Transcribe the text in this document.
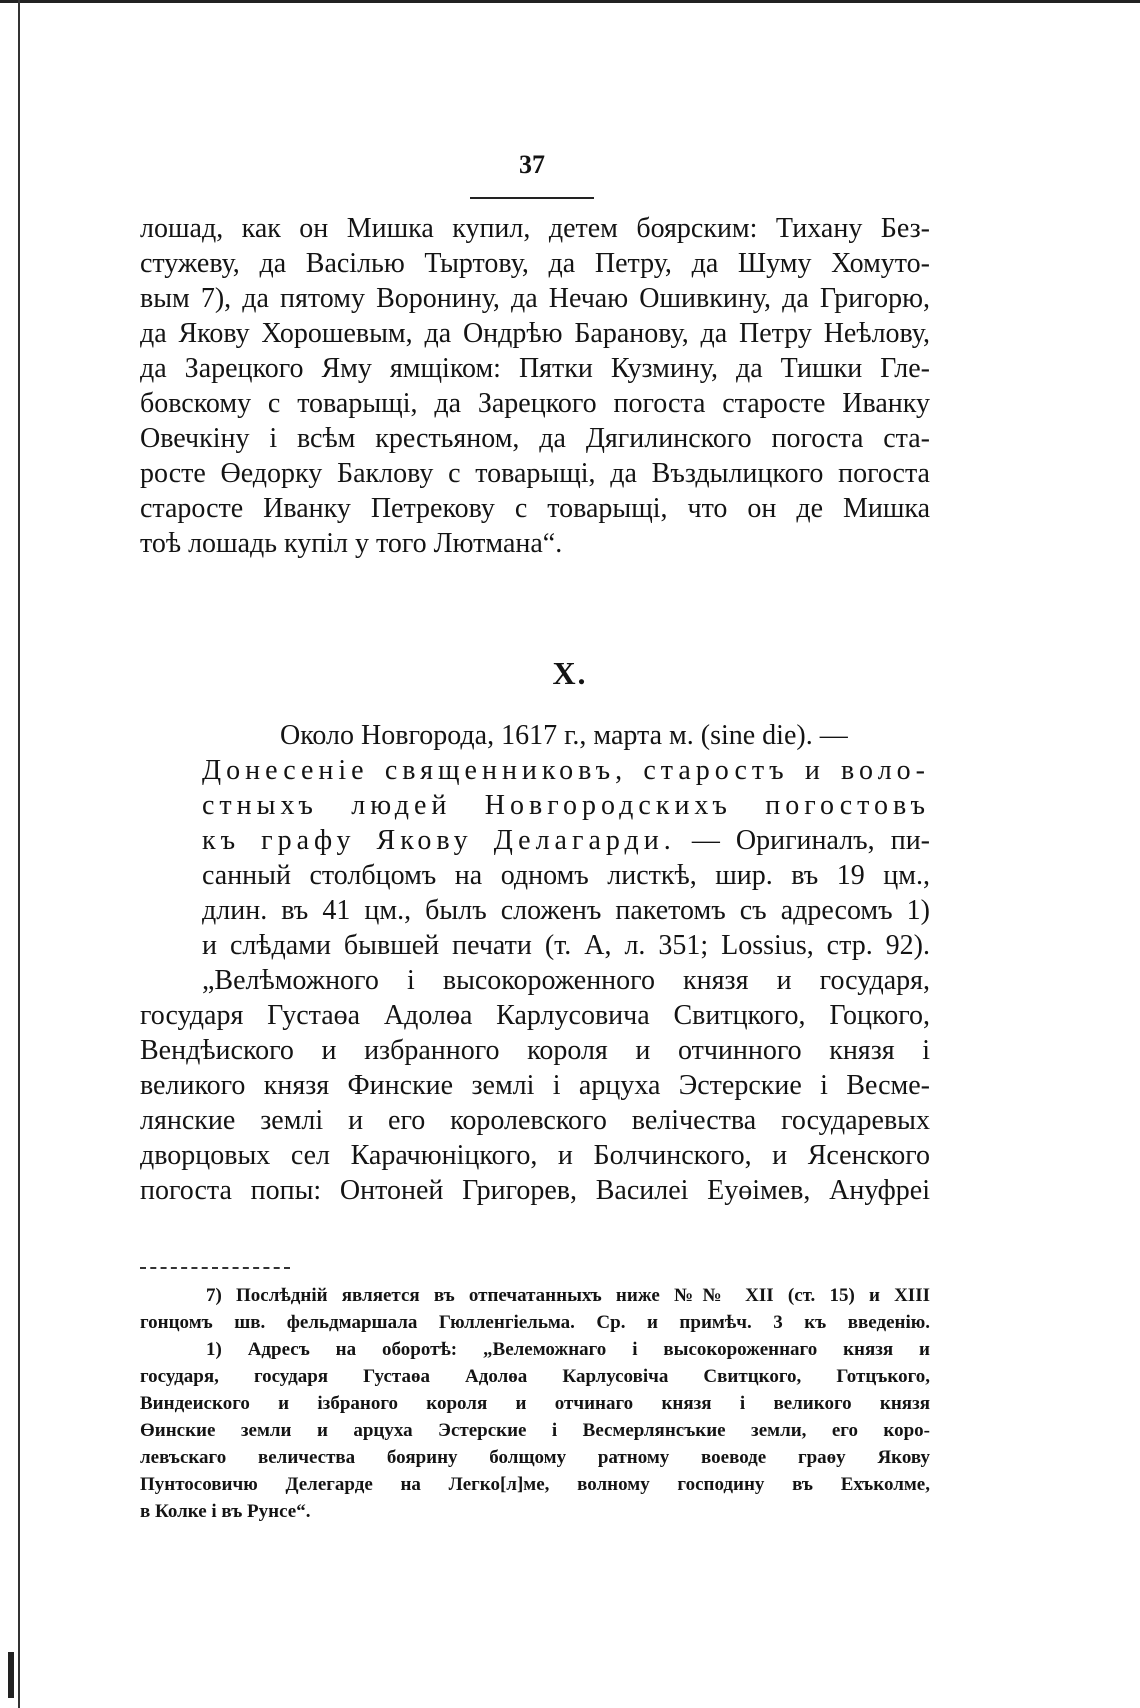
37
лошад, как он Мишка купил, детем боярским: Тихану Без-
стужеву, да Васілью Тыртову, да Петру, да Шуму Хомуто-
вым 7), да пятому Воронину, да Нечаю Ошивкину, да Григорю,
да Якову Хорошевым, да Ондрѣю Баранову, да Петру Неѣлову,
да Зарецкого Яму ямщіком: Пятки Кузмину, да Тишки Гле-
бовскому с товарыщі, да Зарецкого погоста старосте Иванку
Овечкіну і всѣм крестьяном, да Дягилинского погоста ста-
росте Өедорку Баклову с товарыщі, да Въздылицкого погоста
старосте Иванку Петрекову с товарыщі, что он де Мишка
тоѣ лошадь купіл у того Лютмана“.
X.
Около Новгорода, 1617 г., марта м. (sine die). —
Донесеніе священниковъ, старостъ и воло-
стныхъ людей Новгородскихъ погостовъ
къ графу Якову Делагарди. — Оригиналъ, пи-
санный столбцомъ на одномъ листкѣ, шир. въ 19 цм.,
длин. въ 41 цм., былъ сложенъ пакетомъ съ адресомъ 1)
и слѣдами бывшей печати (т. А, л. 351; Lossius, стр. 92).
„Велѣможного і высокороженного князя и государя,
государя Густаөа Адолөа Карлусовича Свитцкого, Гоцкого,
Вендѣиского и избранного короля и отчинного князя і
великого князя Финские землі і арцуха Эстерские і Весме-
лянские землі и его королевского велічества государевых
дворцовых сел Карачюніцкого, и Болчинского, и Ясенского
погоста попы: Онтоней Григорев, Василеі Еуөімев, Ануфреі
7) Послѣдній является въ отпечатанныхъ ниже №№ XII (ст. 15) и XIII
гонцомъ шв. фельдмаршала Гюлленгіельма. Ср. и примѣч. 3 къ введенію.
1) Адресъ на оборотѣ: „Велеможнаго і высокороженнаго князя и
государя, государя Густаөа Адолөа Карлусовіча Свитцкого, Готцъкого,
Виндеиского и ізбраного короля и отчинаго князя і великого князя
Өинские земли и арцуха Эстерские і Весмерлянсъкие земли, его коро-
левъскаго величества боярину болщому ратному воеводе граөу Якову
Пунтосовичю Делегарде на Легко[л]ме, волному господину въ Ехъколме,
в Колке і въ Рунсе“.
